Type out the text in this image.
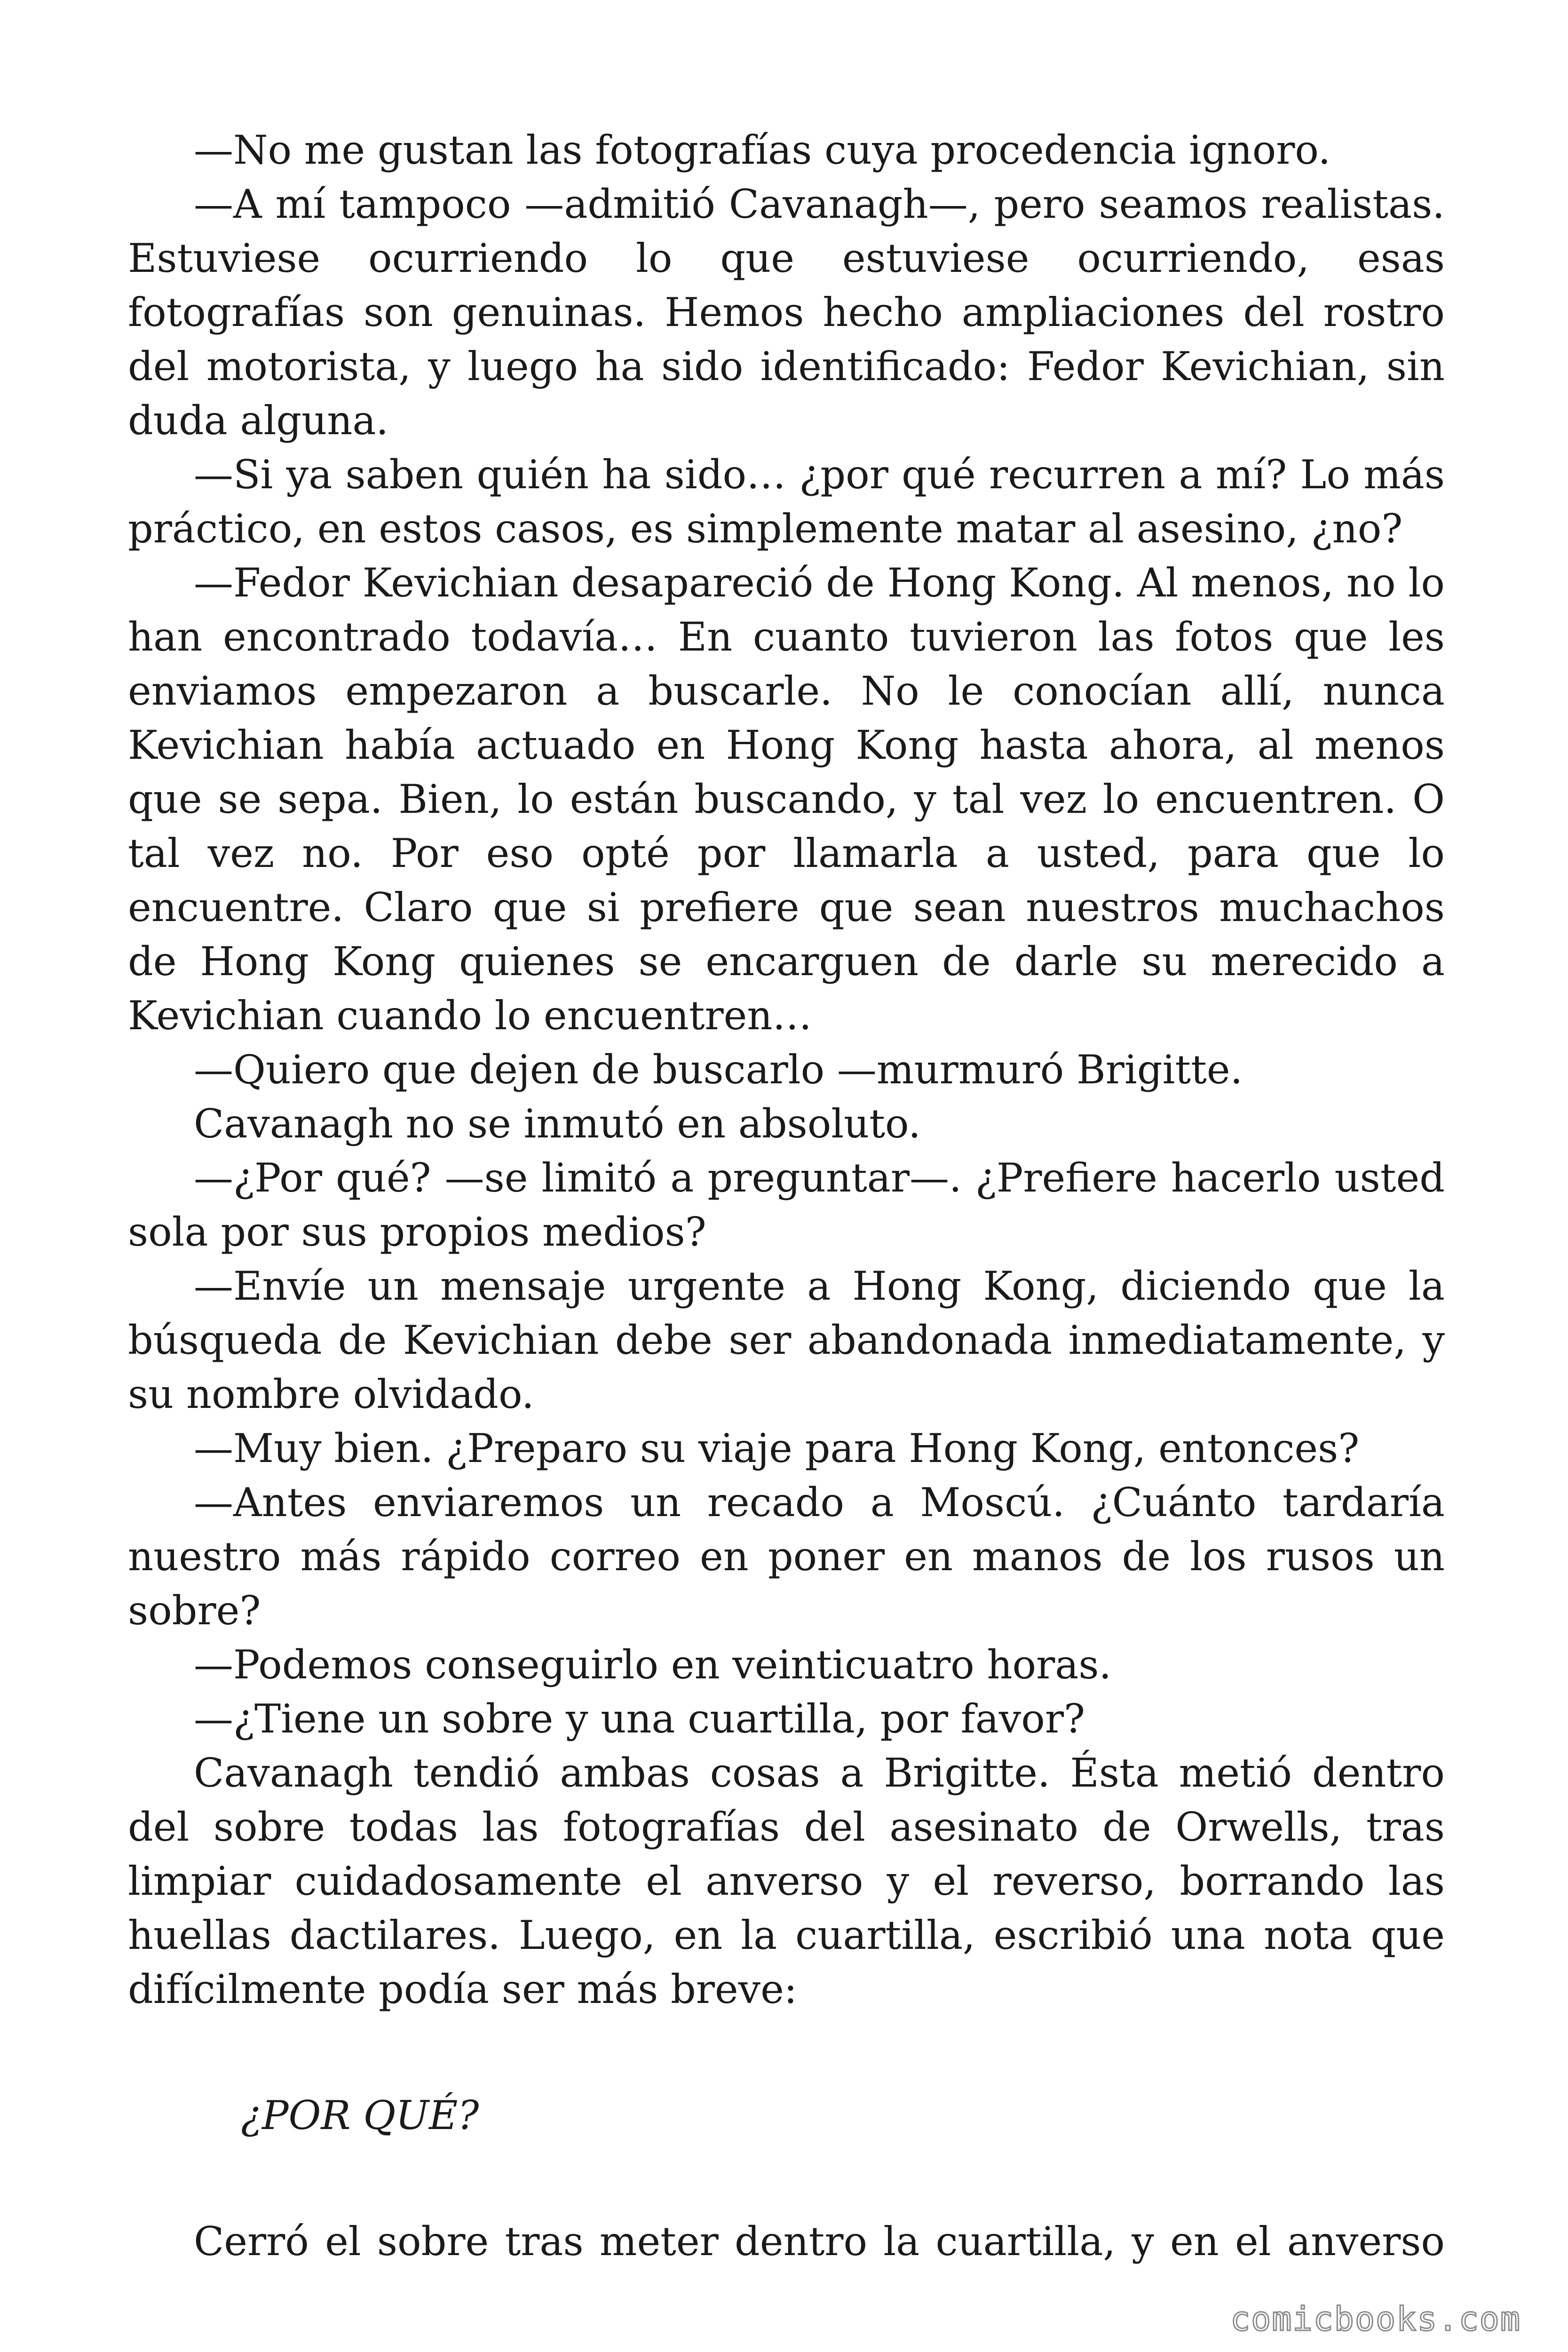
—No me gustan las fotografías cuya procedencia ignoro.

—A mí tampoco —admitió Cavanagh—, pero seamos realistas. Estuviese ocurriendo lo que estuviese ocurriendo, esas fotografías son genuinas. Hemos hecho ampliaciones del rostro del motorista, y luego ha sido identificado: Fedor Kevichian, sin duda alguna.

—Si ya saben quién ha sido… ¿por qué recurren a mí? Lo más práctico, en estos casos, es simplemente matar al asesino, ¿no?

—Fedor Kevichian desapareció de Hong Kong. Al menos, no lo han encontrado todavía… En cuanto tuvieron las fotos que les enviamos empezaron a buscarle. No le conocían allí, nunca Kevichian había actuado en Hong Kong hasta ahora, al menos que se sepa. Bien, lo están buscando, y tal vez lo encuentren. O tal vez no. Por eso opté por llamarla a usted, para que lo encuentre. Claro que si prefiere que sean nuestros muchachos de Hong Kong quienes se encarguen de darle su merecido a Kevichian cuando lo encuentren…

—Quiero que dejen de buscarlo —murmuró Brigitte.

Cavanagh no se inmutó en absoluto.

—¿Por qué? —se limitó a preguntar—. ¿Prefiere hacerlo usted sola por sus propios medios?

—Envíe un mensaje urgente a Hong Kong, diciendo que la búsqueda de Kevichian debe ser abandonada inmediatamente, y su nombre olvidado.

—Muy bien. ¿Preparo su viaje para Hong Kong, entonces?

—Antes enviaremos un recado a Moscú. ¿Cuánto tardaría nuestro más rápido correo en poner en manos de los rusos un sobre?

—Podemos conseguirlo en veinticuatro horas.

—¿Tiene un sobre y una cuartilla, por favor?

Cavanagh tendió ambas cosas a Brigitte. Ésta metió dentro del sobre todas las fotografías del asesinato de Orwells, tras limpiar cuidadosamente el anverso y el reverso, borrando las huellas dactilares. Luego, en la cuartilla, escribió una nota que difícilmente podía ser más breve:

¿POR QUÉ?

Cerró el sobre tras meter dentro la cuartilla, y en el anverso

comicbooks.com
